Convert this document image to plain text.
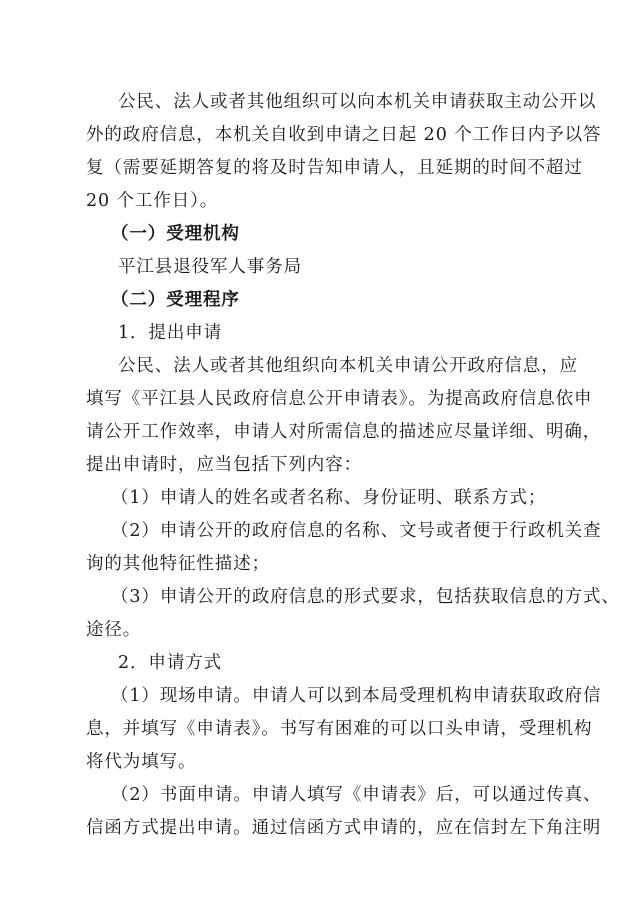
公民、法人或者其他组织可以向本机关申请获取主动公开以
外的政府信息，本机关自收到申请之日起 20 个工作日内予以答
复（需要延期答复的将及时告知申请人，且延期的时间不超过
20 个工作日）。
（一）受理机构
平江县退役军人事务局
（二）受理程序
1．提出申请
公民、法人或者其他组织向本机关申请公开政府信息，应
填写《平江县人民政府信息公开申请表》。为提高政府信息依申
请公开工作效率，申请人对所需信息的描述应尽量详细、明确，
提出申请时，应当包括下列内容：
（1）申请人的姓名或者名称、身份证明、联系方式；
（2）申请公开的政府信息的名称、文号或者便于行政机关查
询的其他特征性描述；
（3）申请公开的政府信息的形式要求，包括获取信息的方式、
途径。
2．申请方式
（1）现场申请。申请人可以到本局受理机构申请获取政府信
息，并填写《申请表》。书写有困难的可以口头申请，受理机构
将代为填写。
（2）书面申请。申请人填写《申请表》后，可以通过传真、
信函方式提出申请。通过信函方式申请的，应在信封左下角注明
